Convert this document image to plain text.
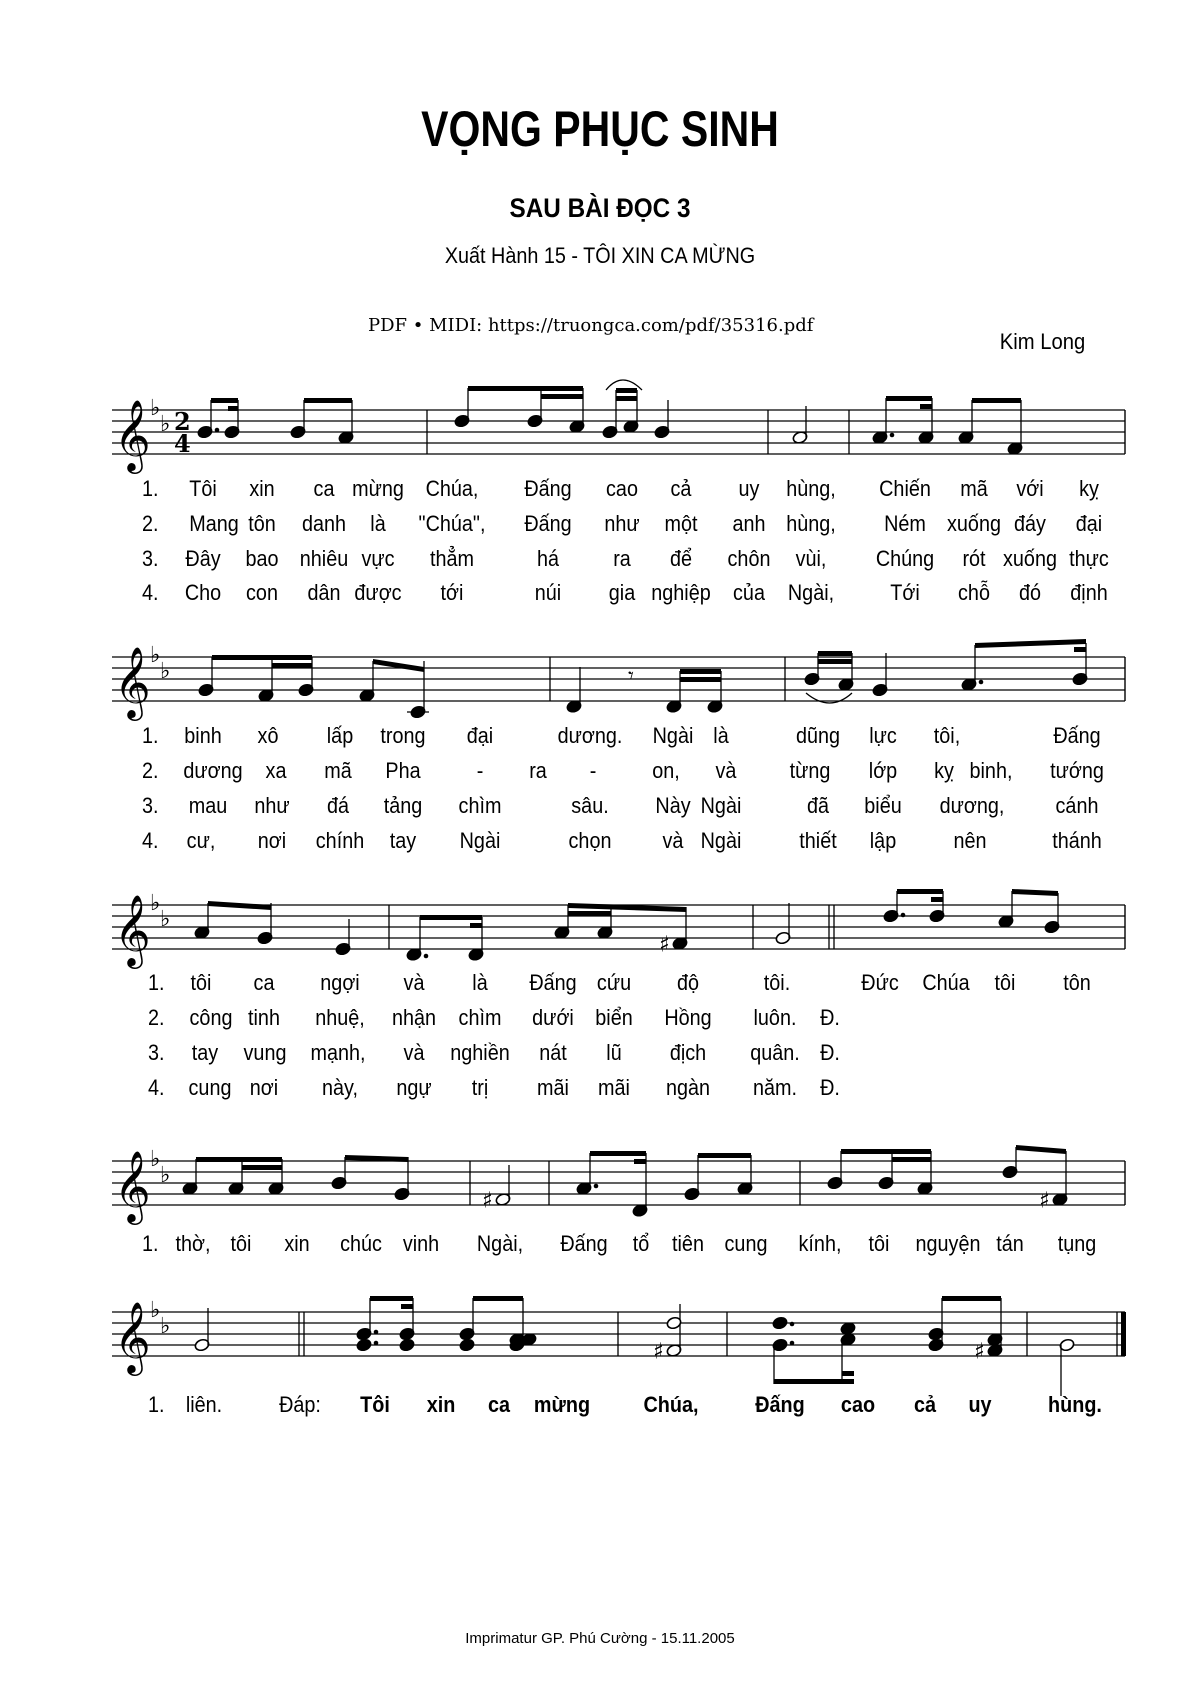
VỌNG PHỤC SINH
SAU BÀI ĐỌC 3
Xuất Hành 15 - TÔI XIN CA MỪNG
PDF • MIDI: https://truongca.com/pdf/35316.pdf
Kim Long
𝄞 ♭
♭ 2
4
𝄞 ♭
♭	𝄾
𝄞 ♭
♭
♯
𝄞 ♭
♭
♯	♯
𝄞 ♭
♭
♯	♯
1.
2.
3.
4.
Tôi xin ca mừng Chúa, Đấng cao cả uy hùng, Chiến mã với kỵ
Mang tôn danh là "Chúa", Đấng như một anh hùng, Ném xuống đáy đại
Đây bao nhiêu vực thẳm	há ra để chôn vùi, Chúng rót xuống thực
Cho con dân được tới	núi gia nghiệp của Ngài,	Tới chỗ đó định
1.
2.
3.
4.
binh xô lấp trong đại	dương. Ngài là	dũng lực tôi,	Đấng
dương xa mã Pha	- ra -	on, và từng lớp kỵ binh, tướng
mau như đá tảng chìm	sâu. Này Ngài	đã biểu dương, cánh
cư, nơi chính tay Ngài	chọn và Ngài	thiết lập	nên	thánh
1.
2.
3.
4.
tôi ca ngợi và là Đấng cứu độ	tôi.	Đức Chúa tôi tôn
công tinh nhuệ, nhận chìm dưới biển Hồng luôn. Đ.
tay vung mạnh, và nghiền nát lũ địch quân. Đ.
cung nơi này, ngự trị mãi mãi ngàn năm. Đ.
1. thờ, tôi xin chúc vinh Ngài, Đấng tổ tiên cung kính, tôi nguyện tán tụng
1. liên.	Đáp: Tôi xin ca mừng Chúa,	Đấng cao cả uy	hùng.
Imprimatur GP. Phú Cường - 15.11.2005
